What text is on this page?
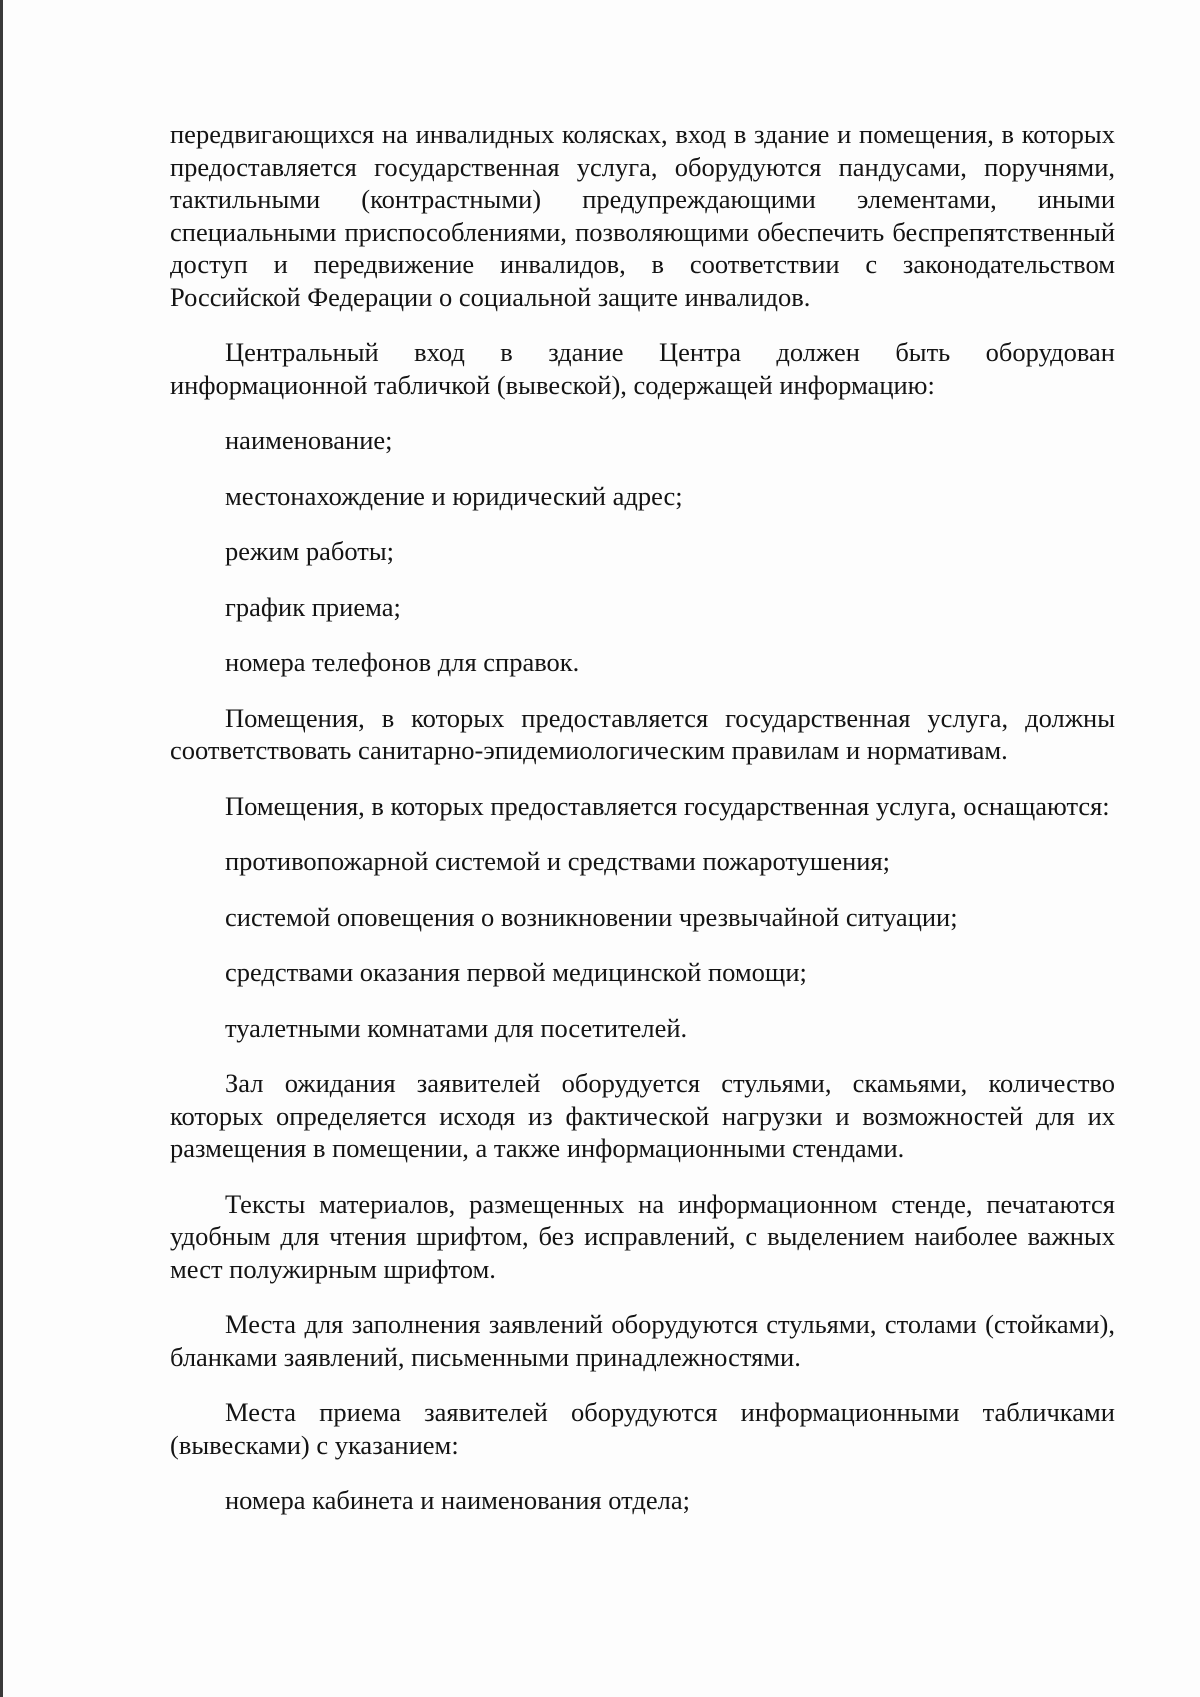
передвигающихся на инвалидных колясках, вход в здание и помещения, в которых предоставляется государственная услуга, оборудуются пандусами, поручнями, тактильными (контрастными) предупреждающими элементами, иными специальными приспособлениями, позволяющими обеспечить беспрепятственный доступ и передвижение инвалидов, в соответствии с законодательством Российской Федерации о социальной защите инвалидов.

Центральный вход в здание Центра должен быть оборудован информационной табличкой (вывеской), содержащей информацию:

наименование;

местонахождение и юридический адрес;

режим работы;

график приема;

номера телефонов для справок.

Помещения, в которых предоставляется государственная услуга, должны соответствовать санитарно-эпидемиологическим правилам и нормативам.

Помещения, в которых предоставляется государственная услуга, оснащаются:

противопожарной системой и средствами пожаротушения;

системой оповещения о возникновении чрезвычайной ситуации;

средствами оказания первой медицинской помощи;

туалетными комнатами для посетителей.

Зал ожидания заявителей оборудуется стульями, скамьями, количество которых определяется исходя из фактической нагрузки и возможностей для их размещения в помещении, а также информационными стендами.

Тексты материалов, размещенных на информационном стенде, печатаются удобным для чтения шрифтом, без исправлений, с выделением наиболее важных мест полужирным шрифтом.

Места для заполнения заявлений оборудуются стульями, столами (стойками), бланками заявлений, письменными принадлежностями.

Места приема заявителей оборудуются информационными табличками (вывесками) с указанием:

номера кабинета и наименования отдела;
